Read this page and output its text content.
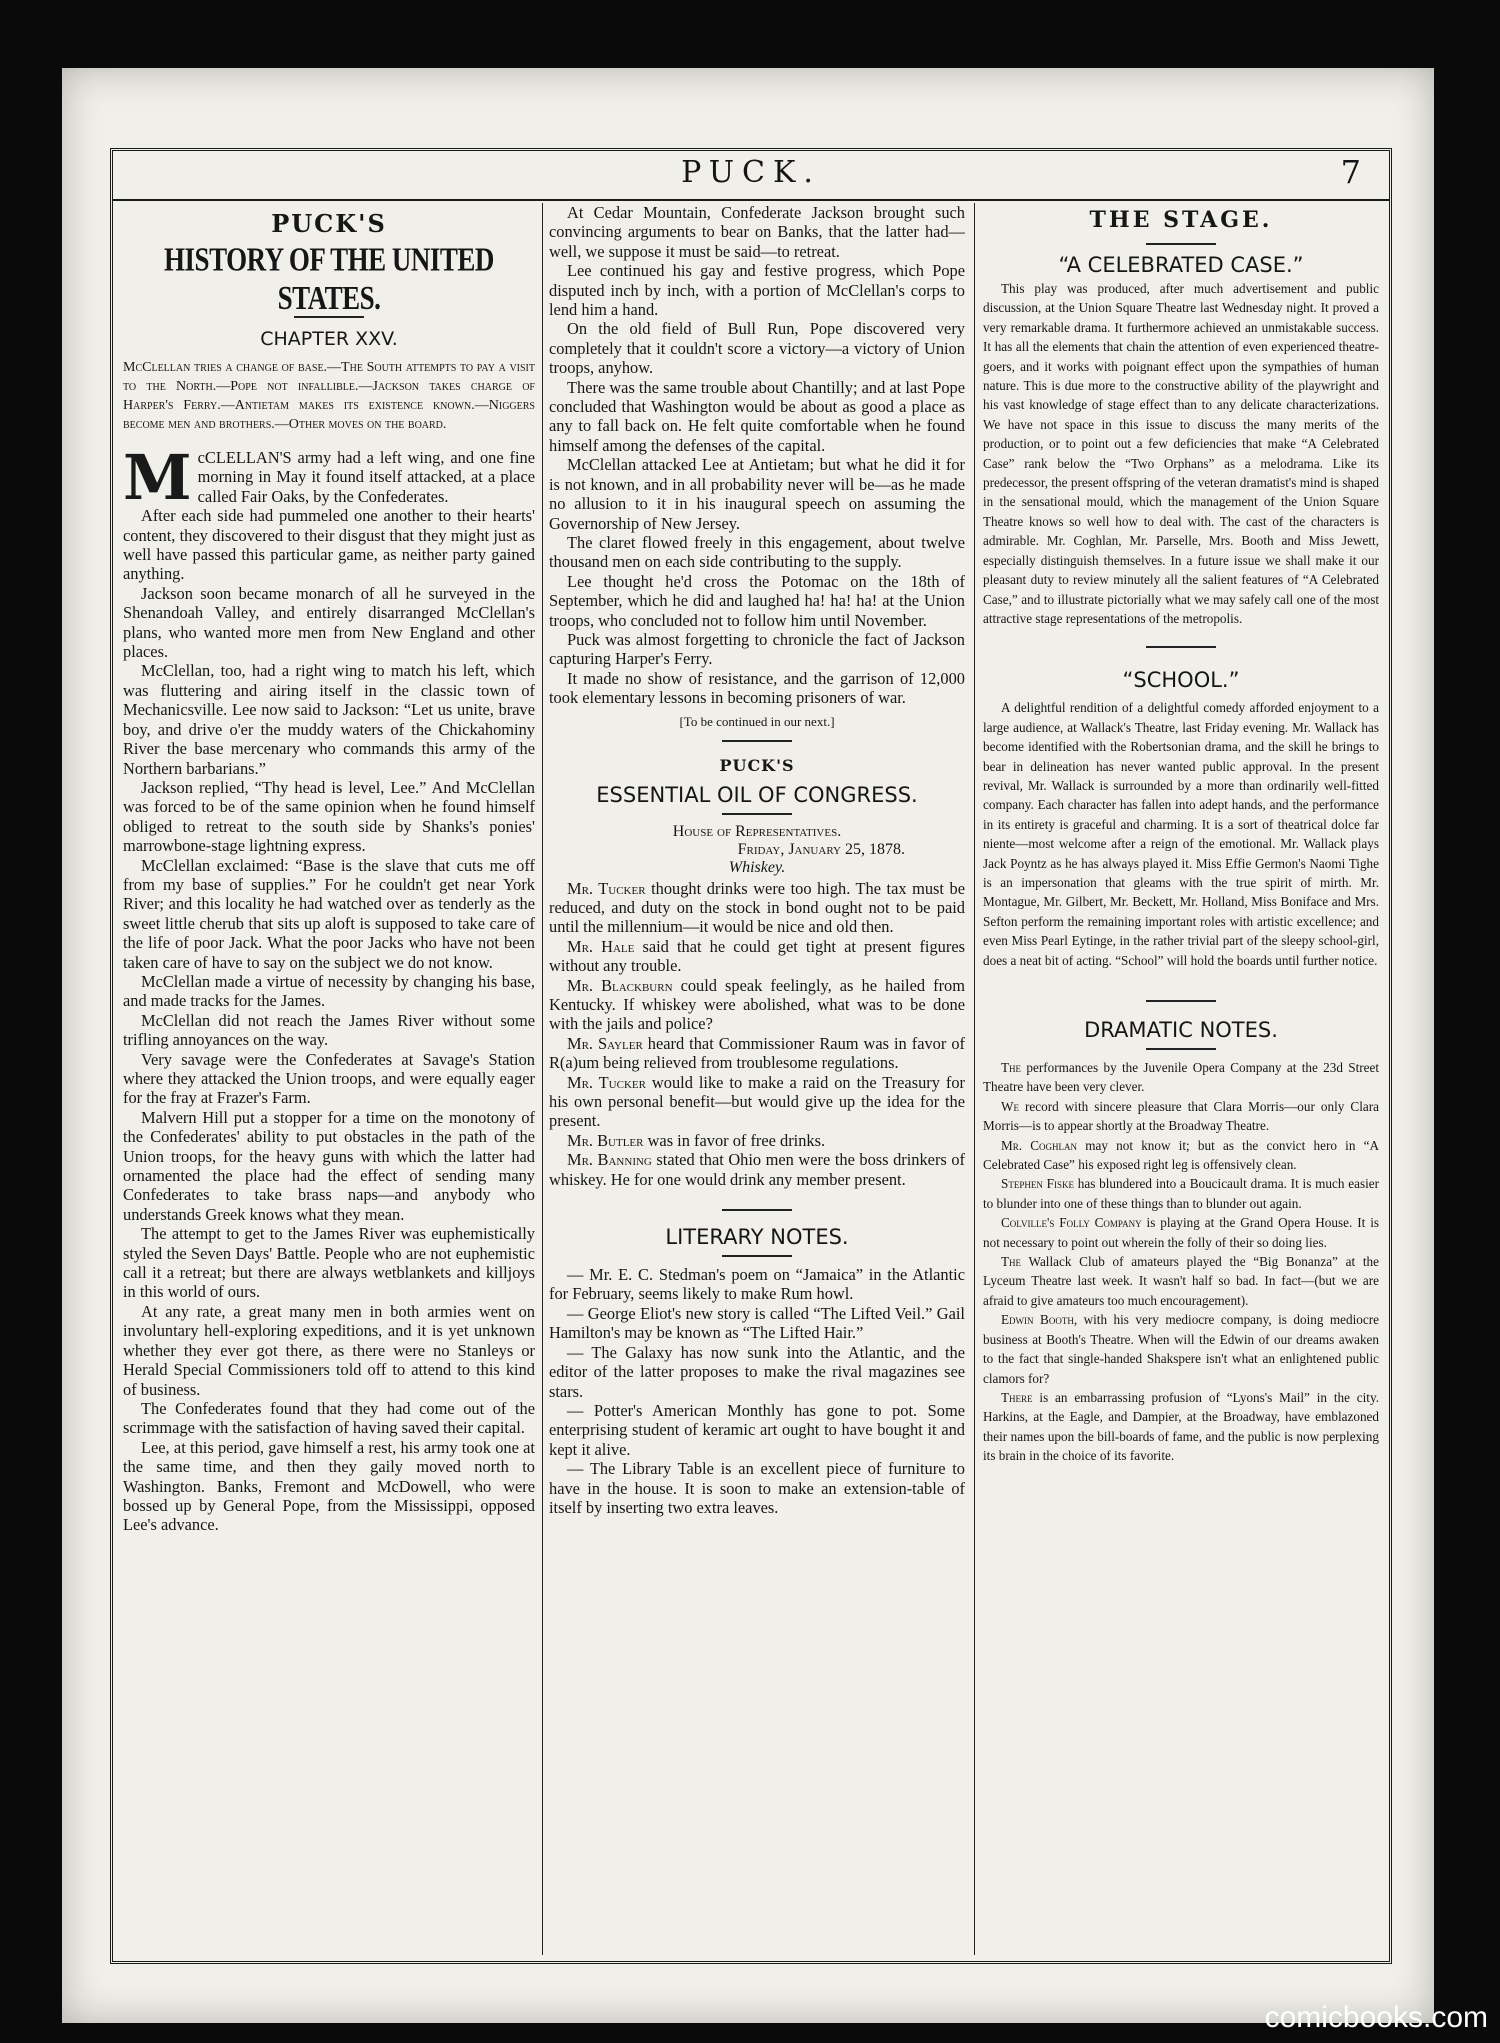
PUCK.	7
PUCK'S
HISTORY OF THE UNITED STATES.
CHAPTER XXV.

McClellan tries a change of base.—The South attempts to pay a visit to the North.—Pope not infallible.—Jackson takes charge of Harper's Ferry.—Antietam makes its existence known.—Niggers become men and brothers.—Other moves on the board.

McCLELLAN'S army had a left wing, and one fine morning in May it found itself attacked, at a place called Fair Oaks, by the Confederates.

After each side had pummeled one another to their hearts' content, they discovered to their disgust that they might just as well have passed this particular game, as neither party gained anything.

Jackson soon became monarch of all he surveyed in the Shenandoah Valley, and entirely disarranged McClellan's plans, who wanted more men from New England and other places.

McClellan, too, had a right wing to match his left, which was fluttering and airing itself in the classic town of Mechanicsville. Lee now said to Jackson: “Let us unite, brave boy, and drive o'er the muddy waters of the Chickahominy River the base mercenary who commands this army of the Northern barbarians.”

Jackson replied, “Thy head is level, Lee.” And McClellan was forced to be of the same opinion when he found himself obliged to retreat to the south side by Shanks's ponies' marrowbone-stage lightning express.

McClellan exclaimed: “Base is the slave that cuts me off from my base of supplies.” For he couldn't get near York River; and this locality he had watched over as tenderly as the sweet little cherub that sits up aloft is supposed to take care of the life of poor Jack. What the poor Jacks who have not been taken care of have to say on the subject we do not know.

McClellan made a virtue of necessity by changing his base, and made tracks for the James.

McClellan did not reach the James River without some trifling annoyances on the way.

Very savage were the Confederates at Savage's Station where they attacked the Union troops, and were equally eager for the fray at Frazer's Farm.

Malvern Hill put a stopper for a time on the monotony of the Confederates' ability to put obstacles in the path of the Union troops, for the heavy guns with which the latter had ornamented the place had the effect of sending many Confederates to take brass naps—and anybody who understands Greek knows what they mean.

The attempt to get to the James River was euphemistically styled the Seven Days' Battle. People who are not euphemistic call it a retreat; but there are always wetblankets and killjoys in this world of ours.

At any rate, a great many men in both armies went on involuntary hell-exploring expeditions, and it is yet unknown whether they ever got there, as there were no Stanleys or Herald Special Commissioners told off to attend to this kind of business.

The Confederates found that they had come out of the scrimmage with the satisfaction of having saved their capital.

Lee, at this period, gave himself a rest, his army took one at the same time, and then they gaily moved north to Washington. Banks, Fremont and McDowell, who were bossed up by General Pope, from the Mississippi, opposed Lee's advance.

At Cedar Mountain, Confederate Jackson brought such convincing arguments to bear on Banks, that the latter had—well, we suppose it must be said—to retreat.

Lee continued his gay and festive progress, which Pope disputed inch by inch, with a portion of McClellan's corps to lend him a hand.

On the old field of Bull Run, Pope discovered very completely that it couldn't score a victory—a victory of Union troops, anyhow.

There was the same trouble about Chantilly; and at last Pope concluded that Washington would be about as good a place as any to fall back on. He felt quite comfortable when he found himself among the defenses of the capital.

McClellan attacked Lee at Antietam; but what he did it for is not known, and in all probability never will be—as he made no allusion to it in his inaugural speech on assuming the Governorship of New Jersey.

The claret flowed freely in this engagement, about twelve thousand men on each side contributing to the supply.

Lee thought he'd cross the Potomac on the 18th of September, which he did and laughed ha! ha! ha! at the Union troops, who concluded not to follow him until November.

Puck was almost forgetting to chronicle the fact of Jackson capturing Harper's Ferry.

It made no show of resistance, and the garrison of 12,000 took elementary lessons in becoming prisoners of war.

[To be continued in our next.]
PUCK'S
ESSENTIAL OIL OF CONGRESS.
House of Representatives.
Friday, January 25, 1878.
Whiskey.

Mr. Tucker thought drinks were too high. The tax must be reduced, and duty on the stock in bond ought not to be paid until the millennium—it would be nice and old then.

Mr. Hale said that he could get tight at present figures without any trouble.

Mr. Blackburn could speak feelingly, as he hailed from Kentucky. If whiskey were abolished, what was to be done with the jails and police?

Mr. Sayler heard that Commissioner Raum was in favor of R(a)um being relieved from troublesome regulations.

Mr. Tucker would like to make a raid on the Treasury for his own personal benefit—but would give up the idea for the present.

Mr. Butler was in favor of free drinks.

Mr. Banning stated that Ohio men were the boss drinkers of whiskey. He for one would drink any member present.

LITERARY NOTES.

— Mr. E. C. Stedman's poem on “Jamaica” in the Atlantic for February, seems likely to make Rum howl.

— George Eliot's new story is called “The Lifted Veil.” Gail Hamilton's may be known as “The Lifted Hair.”

— The Galaxy has now sunk into the Atlantic, and the editor of the latter proposes to make the rival magazines see stars.

— Potter's American Monthly has gone to pot. Some enterprising student of keramic art ought to have bought it and kept it alive.

— The Library Table is an excellent piece of furniture to have in the house. It is soon to make an extension-table of itself by inserting two extra leaves.

THE STAGE.
“A CELEBRATED CASE.”

This play was produced, after much advertisement and public discussion, at the Union Square Theatre last Wednesday night. It proved a very remarkable drama. It furthermore achieved an unmistakable success. It has all the elements that chain the attention of even experienced theatre-goers, and it works with poignant effect upon the sympathies of human nature. This is due more to the constructive ability of the playwright and his vast knowledge of stage effect than to any delicate characterizations. We have not space in this issue to discuss the many merits of the production, or to point out a few deficiencies that make “A Celebrated Case” rank below the “Two Orphans” as a melodrama. Like its predecessor, the present offspring of the veteran dramatist's mind is shaped in the sensational mould, which the management of the Union Square Theatre knows so well how to deal with. The cast of the characters is admirable. Mr. Coghlan, Mr. Parselle, Mrs. Booth and Miss Jewett, especially distinguish themselves. In a future issue we shall make it our pleasant duty to review minutely all the salient features of “A Celebrated Case,” and to illustrate pictorially what we may safely call one of the most attractive stage representations of the metropolis.

“SCHOOL.”

A delightful rendition of a delightful comedy afforded enjoyment to a large audience, at Wallack's Theatre, last Friday evening. Mr. Wallack has become identified with the Robertsonian drama, and the skill he brings to bear in delineation has never wanted public approval. In the present revival, Mr. Wallack is surrounded by a more than ordinarily well-fitted company. Each character has fallen into adept hands, and the performance in its entirety is graceful and charming. It is a sort of theatrical dolce far niente—most welcome after a reign of the emotional. Mr. Wallack plays Jack Poyntz as he has always played it. Miss Effie Germon's Naomi Tighe is an impersonation that gleams with the true spirit of mirth. Mr. Montague, Mr. Gilbert, Mr. Beckett, Mr. Holland, Miss Boniface and Mrs. Sefton perform the remaining important roles with artistic excellence; and even Miss Pearl Eytinge, in the rather trivial part of the sleepy school-girl, does a neat bit of acting. “School” will hold the boards until further notice.

DRAMATIC NOTES.

The performances by the Juvenile Opera Company at the 23d Street Theatre have been very clever.

We record with sincere pleasure that Clara Morris—our only Clara Morris—is to appear shortly at the Broadway Theatre.

Mr. Coghlan may not know it; but as the convict hero in “A Celebrated Case” his exposed right leg is offensively clean.

Stephen Fiske has blundered into a Boucicault drama. It is much easier to blunder into one of these things than to blunder out again.

Colville's Folly Company is playing at the Grand Opera House. It is not necessary to point out wherein the folly of their so doing lies.

The Wallack Club of amateurs played the “Big Bonanza” at the Lyceum Theatre last week. It wasn't half so bad. In fact—(but we are afraid to give amateurs too much encouragement).

Edwin Booth, with his very mediocre company, is doing mediocre business at Booth's Theatre. When will the Edwin of our dreams awaken to the fact that single-handed Shakspere isn't what an enlightened public clamors for?

There is an embarrassing profusion of “Lyons's Mail” in the city. Harkins, at the Eagle, and Dampier, at the Broadway, have emblazoned their names upon the bill-boards of fame, and the public is now perplexing its brain in the choice of its favorite.

comicbooks.com
